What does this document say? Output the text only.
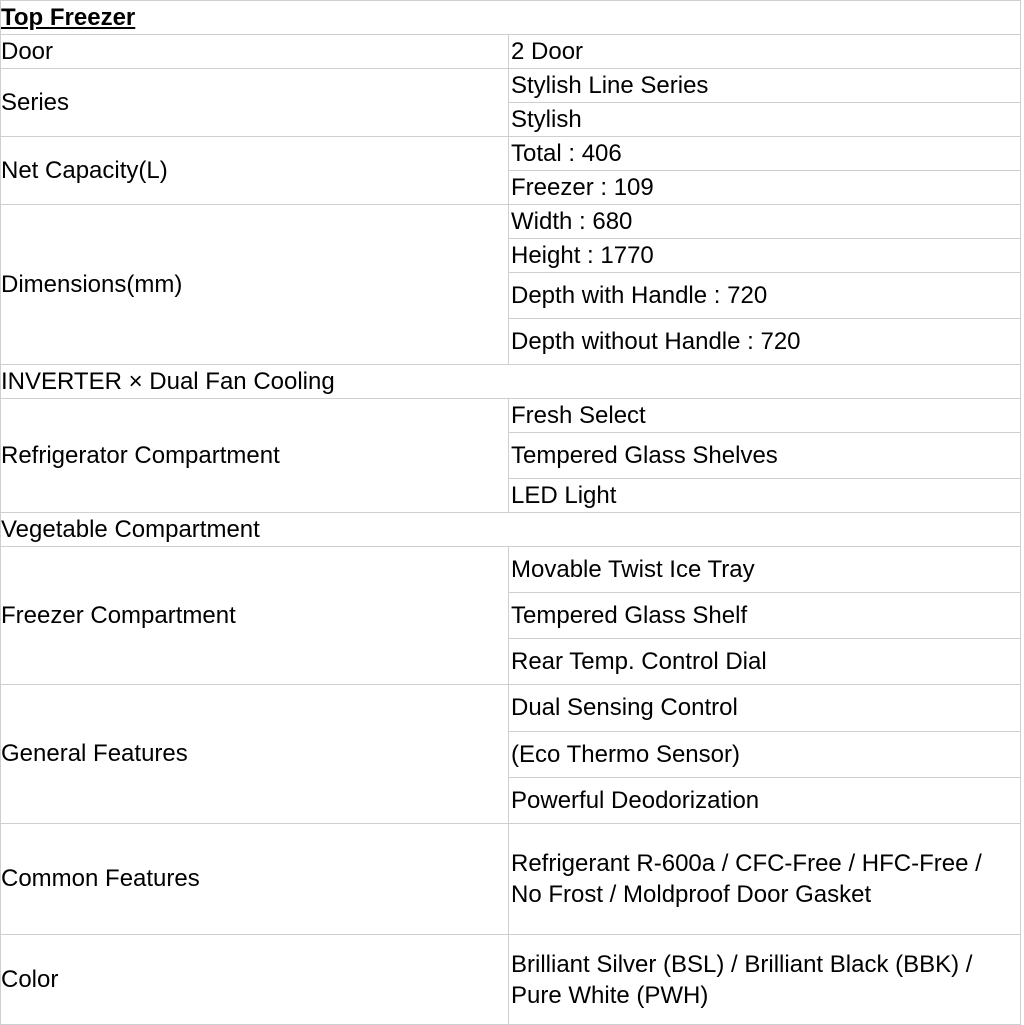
Top Freezer	
Door	2 Door
Series	Stylish Line Series
	Stylish
Net Capacity(L)	Total : 406
	Freezer : 109
Dimensions(mm)	Width : 680
	Height : 1770
	Depth with Handle : 720
	Depth without Handle : 720
INVERTER × Dual Fan Cooling	
Refrigerator Compartment	Fresh Select
	Tempered Glass Shelves
	LED Light
Vegetable Compartment	
Freezer Compartment	Movable Twist Ice Tray
	Tempered Glass Shelf
	Rear Temp. Control Dial
General Features	Dual Sensing Control
	(Eco Thermo Sensor)
	Powerful Deodorization
Common Features	Refrigerant R-600a / CFC-Free / HFC-Free / No Frost / Moldproof Door Gasket
Color	Brilliant Silver (BSL) / Brilliant Black (BBK) / Pure White (PWH)
